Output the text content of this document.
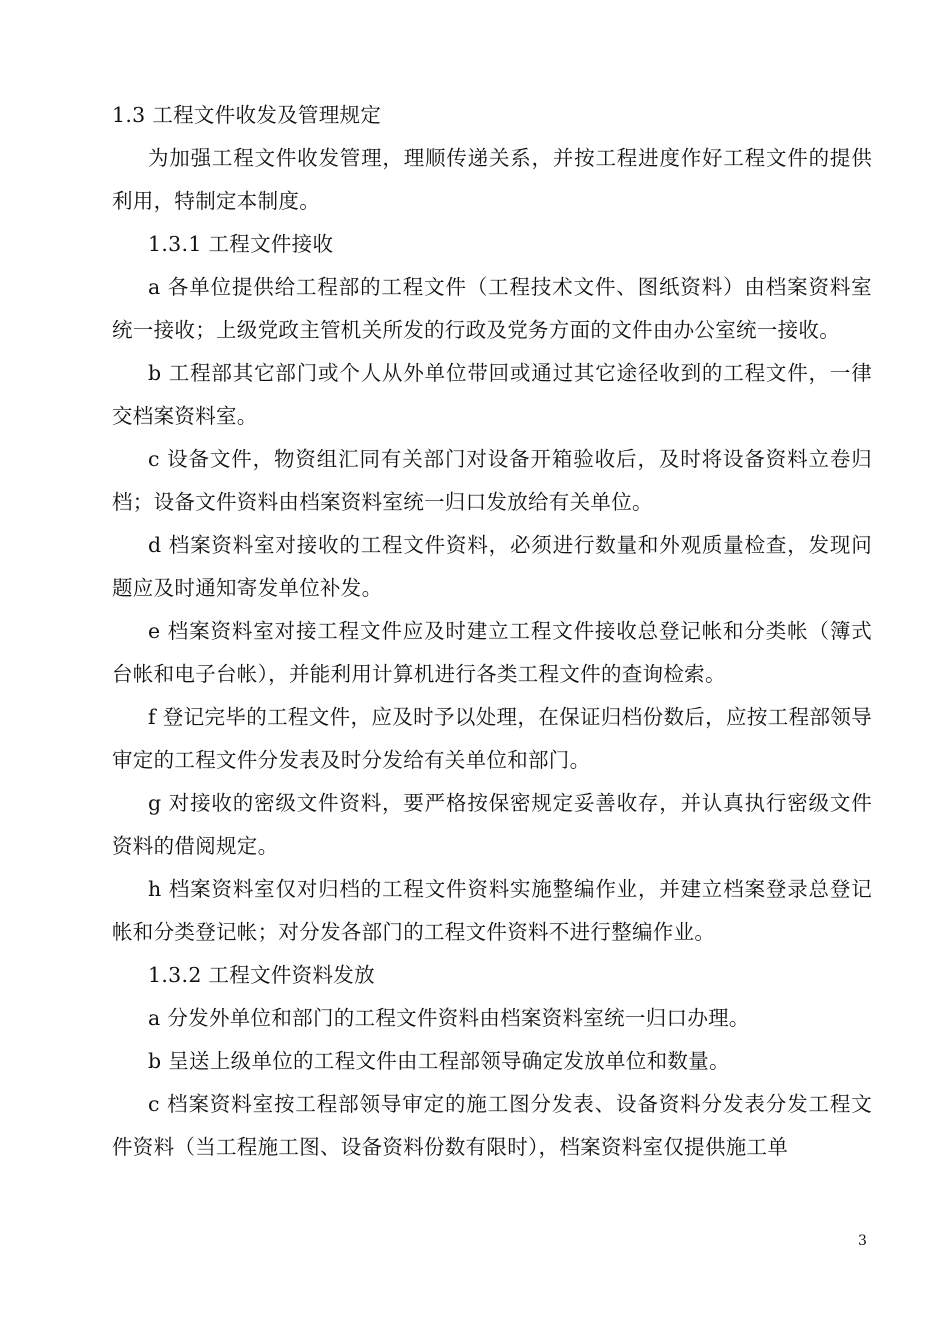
1.3 工程文件收发及管理规定

为加强工程文件收发管理，理顺传递关系，并按工程进度作好工程文件的提供利用，特制定本制度。

1.3.1 工程文件接收

a 各单位提供给工程部的工程文件（工程技术文件、图纸资料）由档案资料室统一接收；上级党政主管机关所发的行政及党务方面的文件由办公室统一接收。

b 工程部其它部门或个人从外单位带回或通过其它途径收到的工程文件，一律交档案资料室。

c 设备文件，物资组汇同有关部门对设备开箱验收后，及时将设备资料立卷归档；设备文件资料由档案资料室统一归口发放给有关单位。

d 档案资料室对接收的工程文件资料，必须进行数量和外观质量检查，发现问题应及时通知寄发单位补发。

e 档案资料室对接工程文件应及时建立工程文件接收总登记帐和分类帐（簿式台帐和电子台帐），并能利用计算机进行各类工程文件的查询检索。

f 登记完毕的工程文件，应及时予以处理，在保证归档份数后，应按工程部领导审定的工程文件分发表及时分发给有关单位和部门。

g 对接收的密级文件资料，要严格按保密规定妥善收存，并认真执行密级文件资料的借阅规定。

h 档案资料室仅对归档的工程文件资料实施整编作业，并建立档案登录总登记帐和分类登记帐；对分发各部门的工程文件资料不进行整编作业。

1.3.2 工程文件资料发放

a 分发外单位和部门的工程文件资料由档案资料室统一归口办理。

b 呈送上级单位的工程文件由工程部领导确定发放单位和数量。

c 档案资料室按工程部领导审定的施工图分发表、设备资料分发表分发工程文件资料（当工程施工图、设备资料份数有限时），档案资料室仅提供施工单

3
